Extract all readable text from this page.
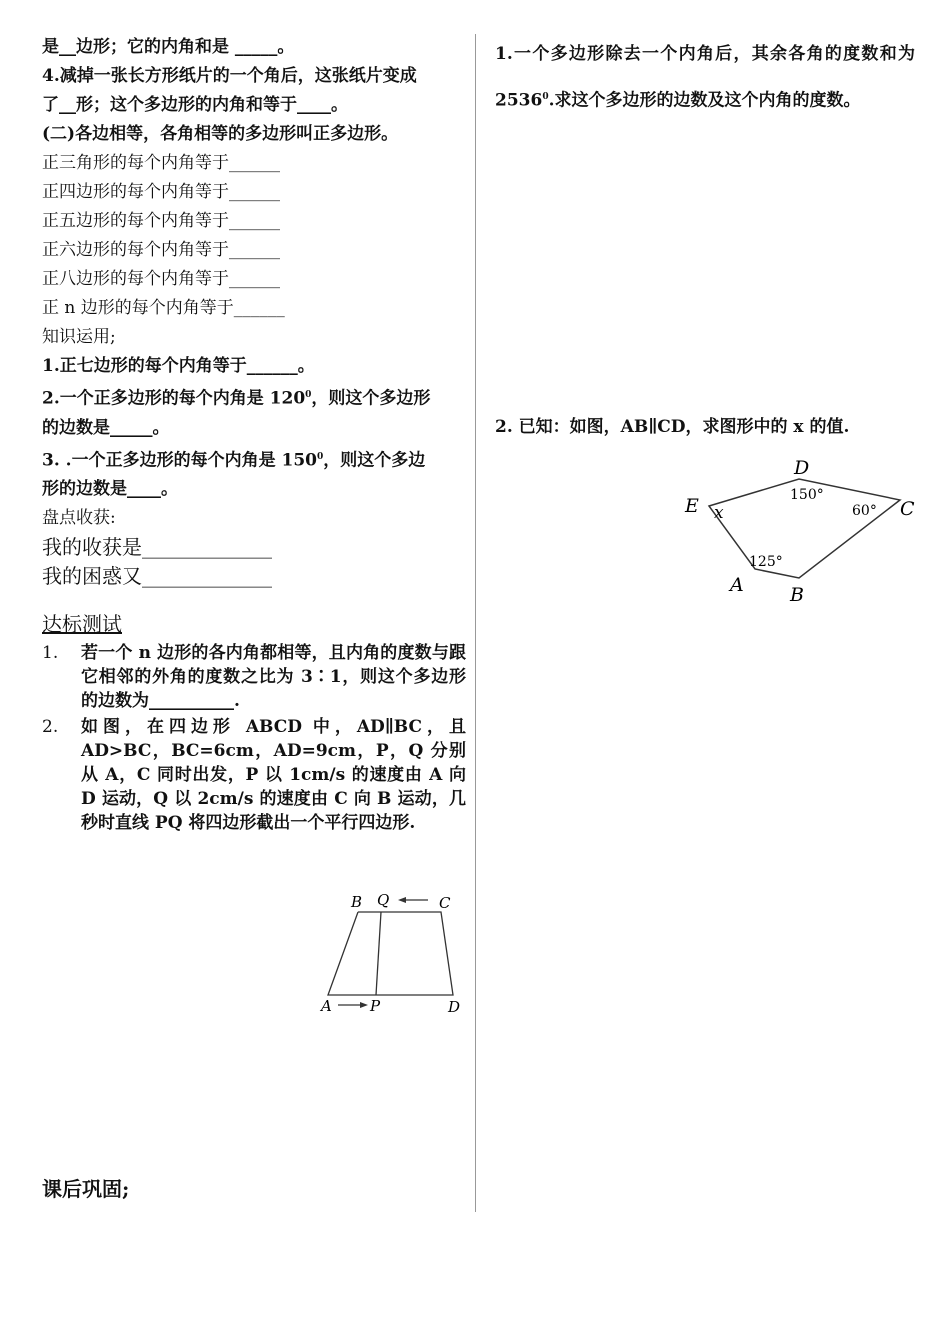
是__边形；它的内角和是 _____。
4.减掉一张长方形纸片的一个角后，这张纸片变成
了__形；这个多边形的内角和等于____。
(二)各边相等，各角相等的多边形叫正多边形。
正三角形的每个内角等于______
正四边形的每个内角等于______
正五边形的每个内角等于______
正六边形的每个内角等于______
正八边形的每个内角等于______
正 n 边形的每个内角等于______
知识运用;
1.正七边形的每个内角等于______。
2.一个正多边形的每个内角是 $120^0$，则这个多边形
的边数是_____。
3. .一个正多边形的每个内角是 $150^0$，则这个多边
形的边数是____。
盘点收获:
我的收获是_____________
我的困惑又_____________
达标测试
1.	若一个 n 边形的各内角都相等，且内角的度数与跟它相邻的外角的度数之比为 3∶1，则这个多边形的边数为__________.
2.	如图，在四边形 ABCD 中，AD∥BC，且 AD>BC，BC=6cm，AD=9cm，P，Q 分别从 A，C 同时出发，P 以 1cm/s 的速度由 A 向 D 运动，Q 以 2cm/s 的速度由 C 向 B 运动，几秒时直线 PQ 将四边形截出一个平行四边形.
B Q	C
A	P	D
课后巩固;
1.一个多边形除去一个内角后，其余各角的度数和为 2536$^0$.求这个多边形的边数及这个内角的度数。
2. 已知：如图，AB∥CD，求图形中的 x 的值.
D
E	C
A B
x
150°
60°
125°
